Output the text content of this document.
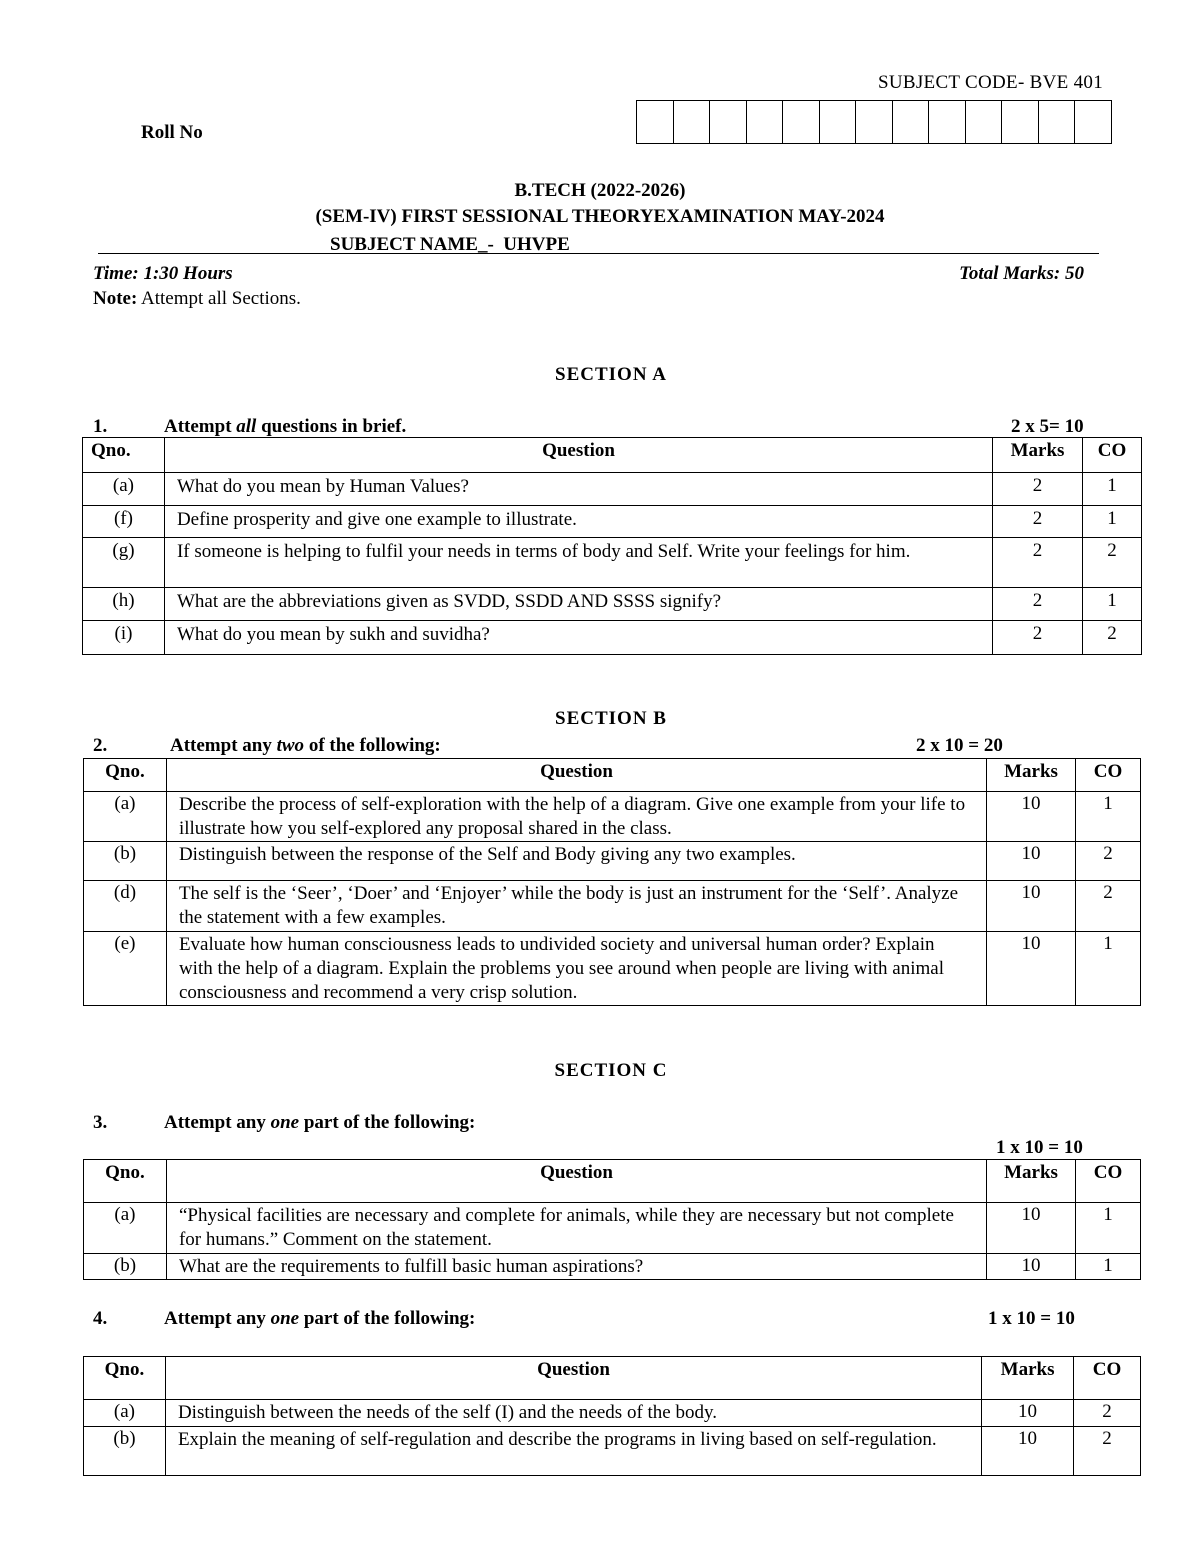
SUBJECT CODE- BVE 401
Roll No
B.TECH (2022-2026)
(SEM-IV) FIRST SESSIONAL THEORYEXAMINATION MAY-2024
SUBJECT NAME_-  UHVPE
Time: 1:30 Hours	Total Marks: 50
Note: Attempt all Sections.
SECTION A
1.	Attempt all questions in brief.	2 x 5= 10
Qno.	Question	Marks	CO
(a)	What do you mean by Human Values?	2	1
(f)	Define prosperity and give one example to illustrate.	2	1
(g)	If someone is helping to fulfil your needs in terms of body and Self. Write your feelings for him.	2	2
(h)	What are the abbreviations given as SVDD, SSDD AND SSSS signify?	2	1
(i)	What do you mean by sukh and suvidha?	2	2
SECTION B
2.	Attempt any two of the following:	2 x 10 = 20
Qno.	Question	Marks	CO
(a)	Describe the process of self-exploration with the help of a diagram. Give one example from your life to illustrate how you self-explored any proposal shared in the class.	10	1
(b)	Distinguish between the response of the Self and Body giving any two examples.	10	2
(d)	The self is the ‘Seer’, ‘Doer’ and ‘Enjoyer’ while the body is just an instrument for the ‘Self’. Analyze the statement with a few examples.	10	2
(e)	Evaluate how human consciousness leads to undivided society and universal human order? Explain with the help of a diagram. Explain the problems you see around when people are living with animal consciousness and recommend a very crisp solution.	10	1
SECTION C
3.	Attempt any one part of the following:
1 x 10 = 10
Qno.	Question	Marks	CO
(a)	“Physical facilities are necessary and complete for animals, while they are necessary but not complete for humans.” Comment on the statement.	10	1
(b)	What are the requirements to fulfill basic human aspirations?	10	1
4.	Attempt any one part of the following:	1 x 10 = 10
Qno.	Question	Marks	CO
(a)	Distinguish between the needs of the self (I) and the needs of the body.	10	2
(b)	Explain the meaning of self-regulation and describe the programs in living based on self-regulation.	10	2
